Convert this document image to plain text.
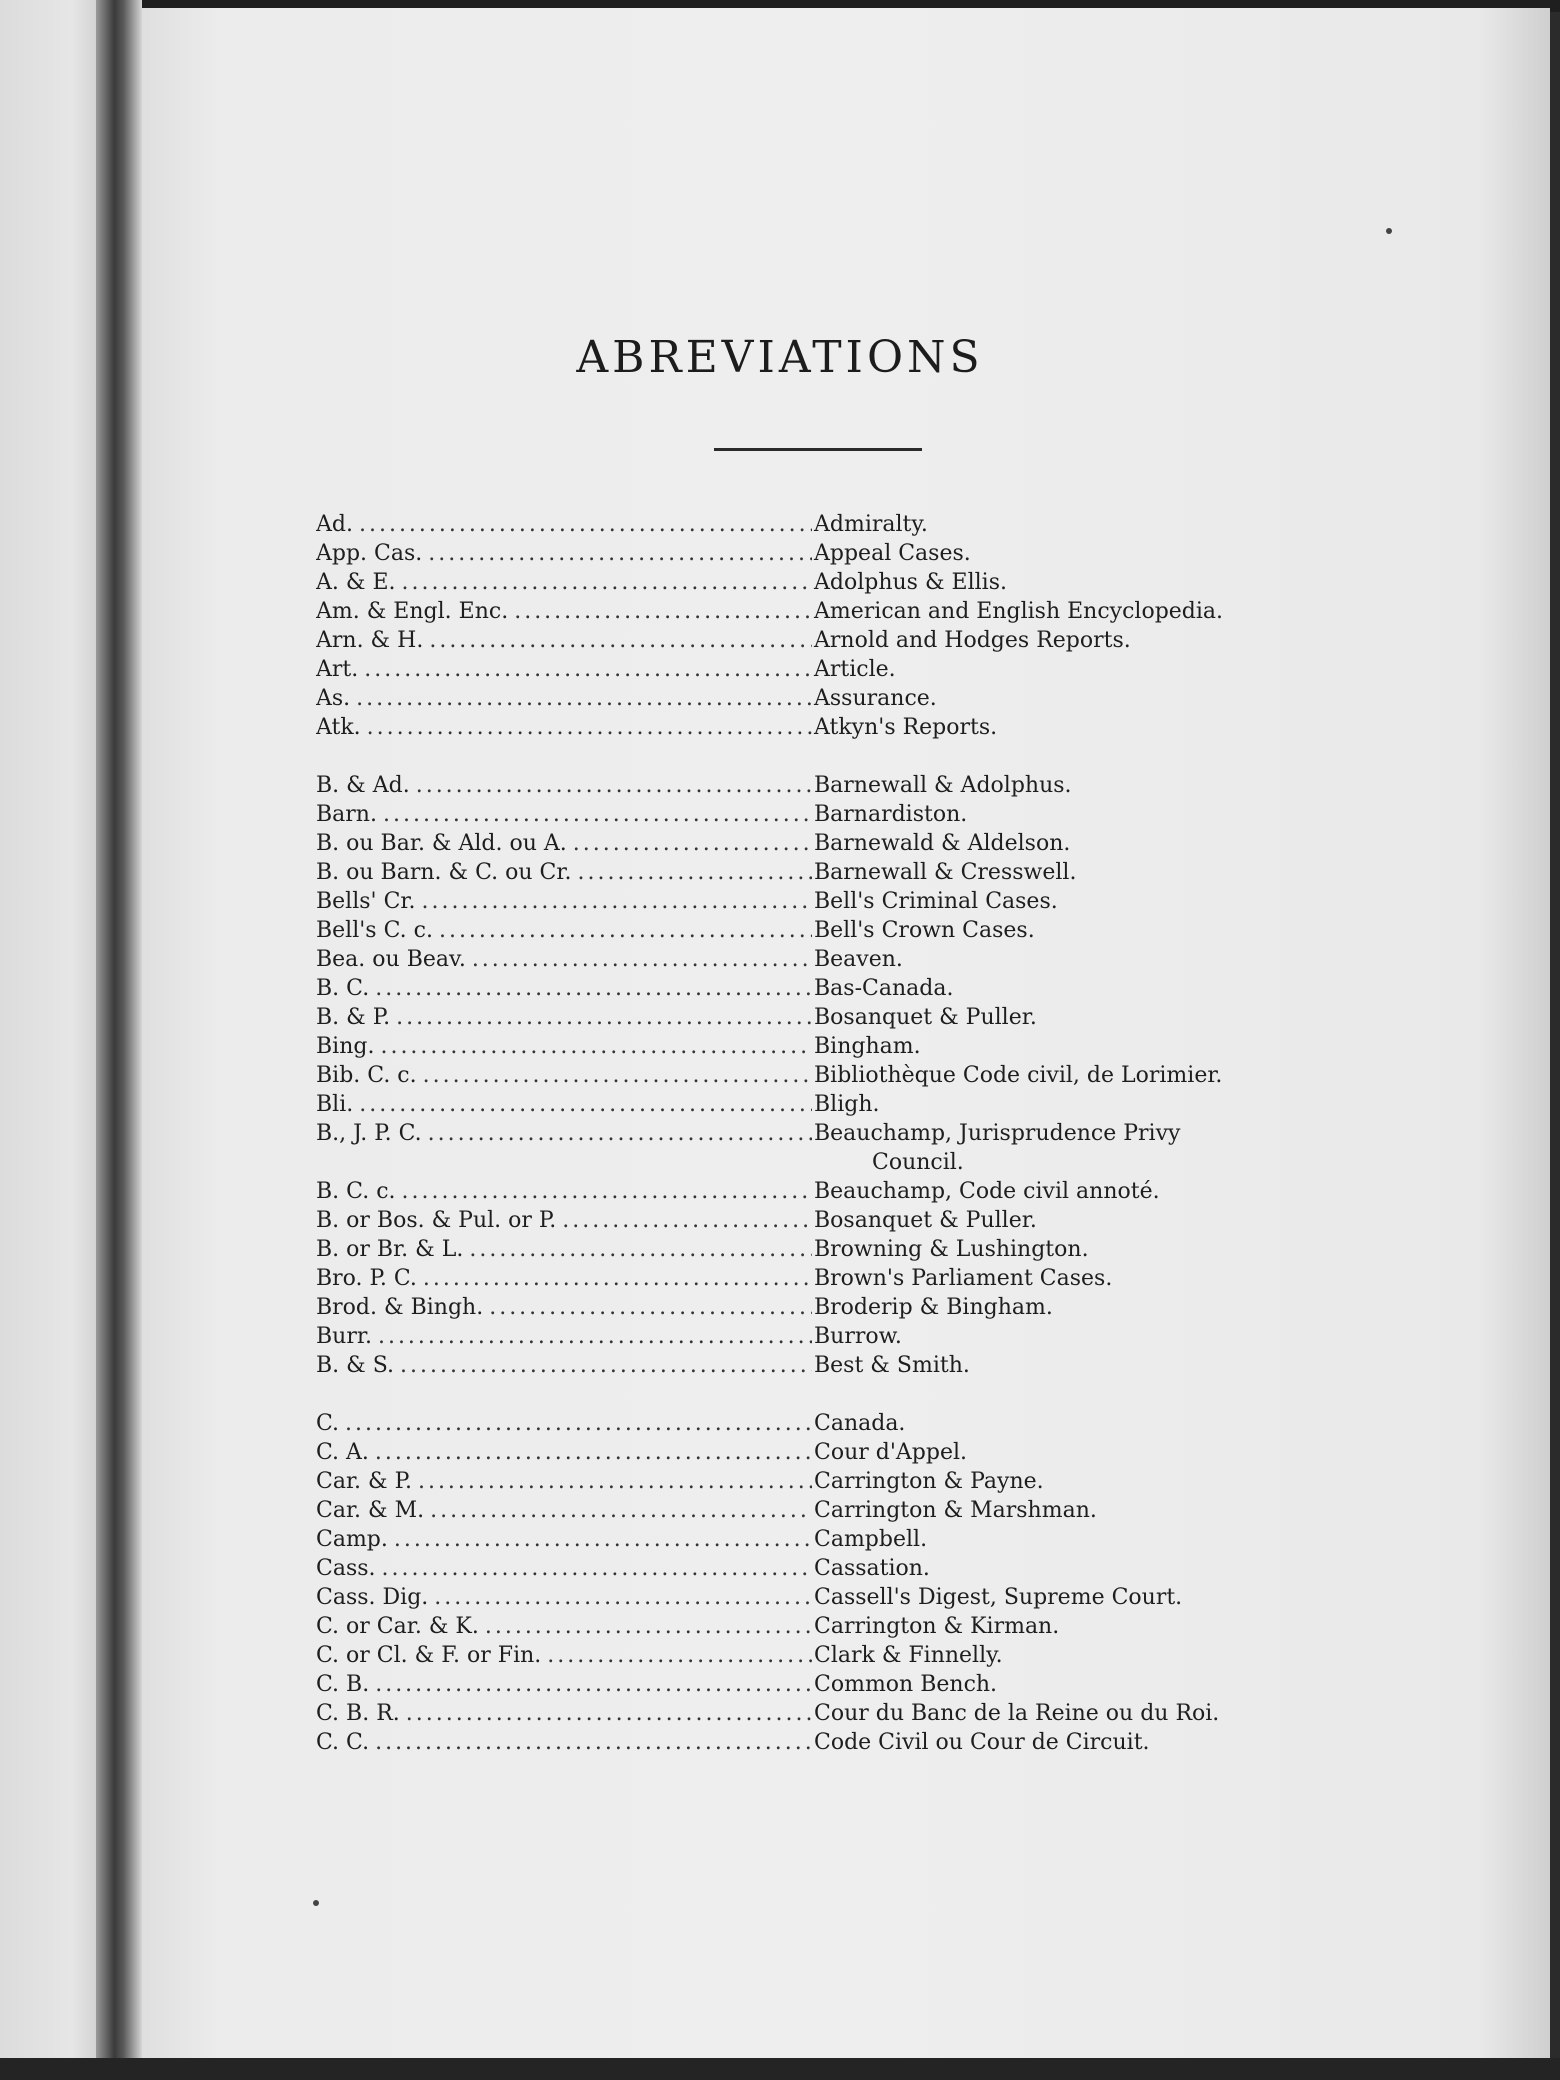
ABREVIATIONS
Ad. .....	Admiralty.
App. Cas. .....	Appeal Cases.
A. & E. .....	Adolphus & Ellis.
Am. & Engl. Enc. .....	American and English Encyclopedia.
Arn. & H. .....	Arnold and Hodges Reports.
Art. .....	Article.
As. .....	Assurance.
Atk. .....	Atkyn's Reports.
B. & Ad. .....	Barnewall & Adolphus.
Barn. .....	Barnardiston.
B. ou Bar. & Ald. ou A. .....	Barnewald & Aldelson.
B. ou Barn. & C. ou Cr. .....	Barnewall & Cresswell.
Bells' Cr. .....	Bell's Criminal Cases.
Bell's C. c. .....	Bell's Crown Cases.
Bea. ou Beav. .....	Beaven.
B. C. .....	Bas-Canada.
B. & P. .....	Bosanquet & Puller.
Bing. .....	Bingham.
Bib. C. c. .....	Bibliothèque Code civil, de Lorimier.
Bli. .....	Bligh.
B., J. P. C. .....	Beauchamp, Jurisprudence Privy
Council.
B. C. c. .....	Beauchamp, Code civil annoté.
B. or Bos. & Pul. or P. .....	Bosanquet & Puller.
B. or Br. & L. .....	Browning & Lushington.
Bro. P. C. .....	Brown's Parliament Cases.
Brod. & Bingh. .....	Broderip & Bingham.
Burr. .....	Burrow.
B. & S. .....	Best & Smith.
C. .....	Canada.
C. A. .....	Cour d'Appel.
Car. & P. .....	Carrington & Payne.
Car. & M. .....	Carrington & Marshman.
Camp. .....	Campbell.
Cass. .....	Cassation.
Cass. Dig. .....	Cassell's Digest, Supreme Court.
C. or Car. & K. .....	Carrington & Kirman.
C. or Cl. & F. or Fin. .....	Clark & Finnelly.
C. B. .....	Common Bench.
C. B. R. .....	Cour du Banc de la Reine ou du Roi.
C. C. .....	Code Civil ou Cour de Circuit.
